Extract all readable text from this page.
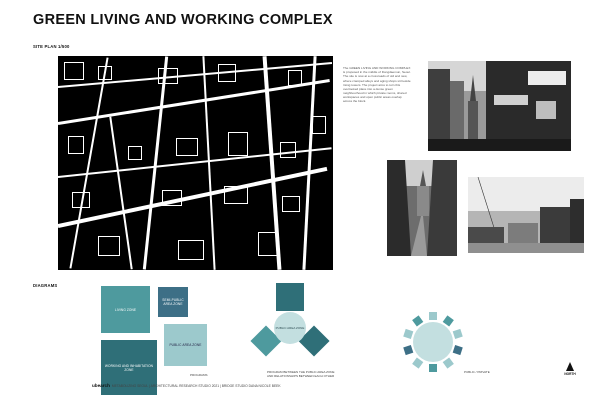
GREEN LIVING AND WORKING COMPLEX
SITE PLAN 1/500
The GREEN LIVING AND WORKING COMPLEX is proposed in the middle of Dongdaemun, Seoul. The site is now at a crossroads of old and new, where cramped alleys and aging shops sit beside rising towers. The project aims to turn this overlooked place into a dense green neighbourhood in which private rooms, shared workspaces and open public areas overlap across the block.
DIAGRAMS
LIVING ZONE
SEMI-PUBLIC AREA ZONE
PUBLIC AREA ZONE
WORKING AND INHABITATION ZONE
PROGRAMS
PUBLIC AREA ZONE
PROGRAM BETWEEN THE PUBLIC AREA ZONE AND RELATIONSHIPS BETWEEN EACH OTHER
PUBLIC / PRIVATE
ubearch METABOLIZING SEOUL | ARCHITECTURAL RESEARCH STUDIO 2021 | BRIDGE STUDIO DANA NICOLE BEEK
NORTH
